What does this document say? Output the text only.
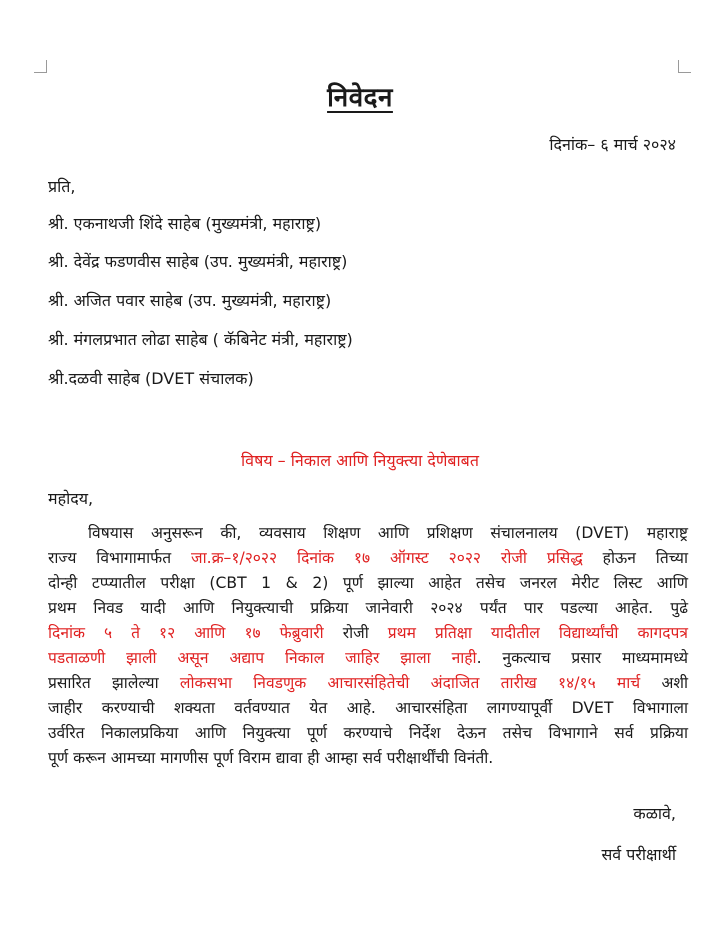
निवेदन
दिनांक– ६ मार्च २०२४
प्रति,
श्री. एकनाथजी शिंदे साहेब (मुख्यमंत्री, महाराष्ट्र)
श्री. देवेंद्र फडणवीस साहेब (उप. मुख्यमंत्री, महाराष्ट्र)
श्री. अजित पवार साहेब (उप. मुख्यमंत्री, महाराष्ट्र)
श्री. मंगलप्रभात लोढा साहेब ( कॅबिनेट मंत्री, महाराष्ट्र)
श्री.दळवी साहेब (DVET संचालक)
विषय – निकाल आणि नियुक्त्या देणेबाबत
महोदय,
विषयास अनुसरून की, व्यवसाय शिक्षण आणि प्रशिक्षण संचालनालय (DVET) महाराष्ट्र
राज्य विभागामार्फत जा.क्र–१/२०२२ दिनांक १७ ऑगस्ट २०२२ रोजी प्रसिद्ध होऊन तिच्या
दोन्ही टप्प्यातील परीक्षा (CBT 1 & 2) पूर्ण झाल्या आहेत तसेच जनरल मेरीट लिस्ट आणि
प्रथम निवड यादी आणि नियुक्त्याची प्रक्रिया जानेवारी २०२४ पर्यंत पार पडल्या आहेत. पुढे
दिनांक ५ ते १२ आणि १७ फेब्रुवारी रोजी प्रथम प्रतिक्षा यादीतील विद्यार्थ्यांची कागदपत्र
पडताळणी झाली असून अद्याप निकाल जाहिर झाला नाही. नुकत्याच प्रसार माध्यमामध्ये
प्रसारित झालेल्या लोकसभा निवडणुक आचारसंहितेची अंदाजित तारीख १४/१५ मार्च अशी
जाहीर करण्याची शक्यता वर्तवण्यात येत आहे. आचारसंहिता लागण्यापूर्वी DVET विभागाला
उर्वरित निकालप्रकिया आणि नियुक्त्या पूर्ण करण्याचे निर्देश देऊन तसेच विभागाने सर्व प्रक्रिया
पूर्ण करून आमच्या मागणीस पूर्ण विराम द्यावा ही आम्हा सर्व परीक्षार्थींची विनंती.
कळावे,
सर्व परीक्षार्थी
